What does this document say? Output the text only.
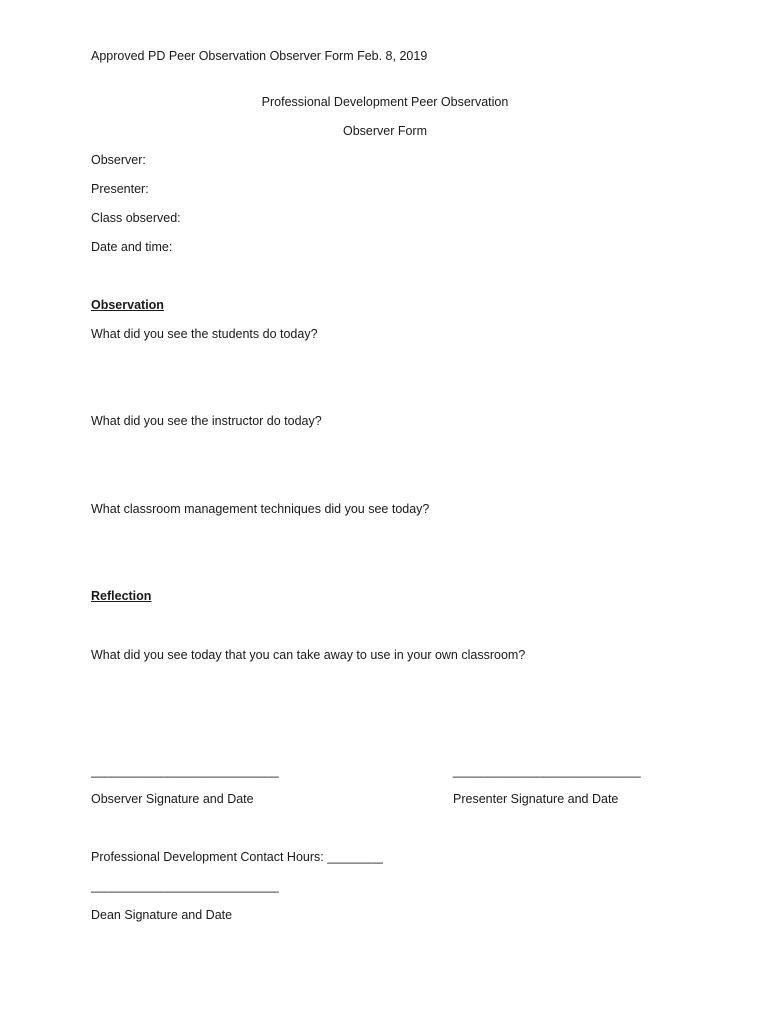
Approved PD Peer Observation Observer Form Feb. 8, 2019
Professional Development Peer Observation
Observer Form
Observer:
Presenter:
Class observed:
Date and time:
Observation
What did you see the students do today?
What did you see the instructor do today?
What classroom management techniques did you see today?
Reflection
What did you see today that you can take away to use in your own classroom?
___________________________	___________________________
Observer Signature and Date	Presenter Signature and Date
Professional Development Contact Hours: ________
___________________________
Dean Signature and Date
